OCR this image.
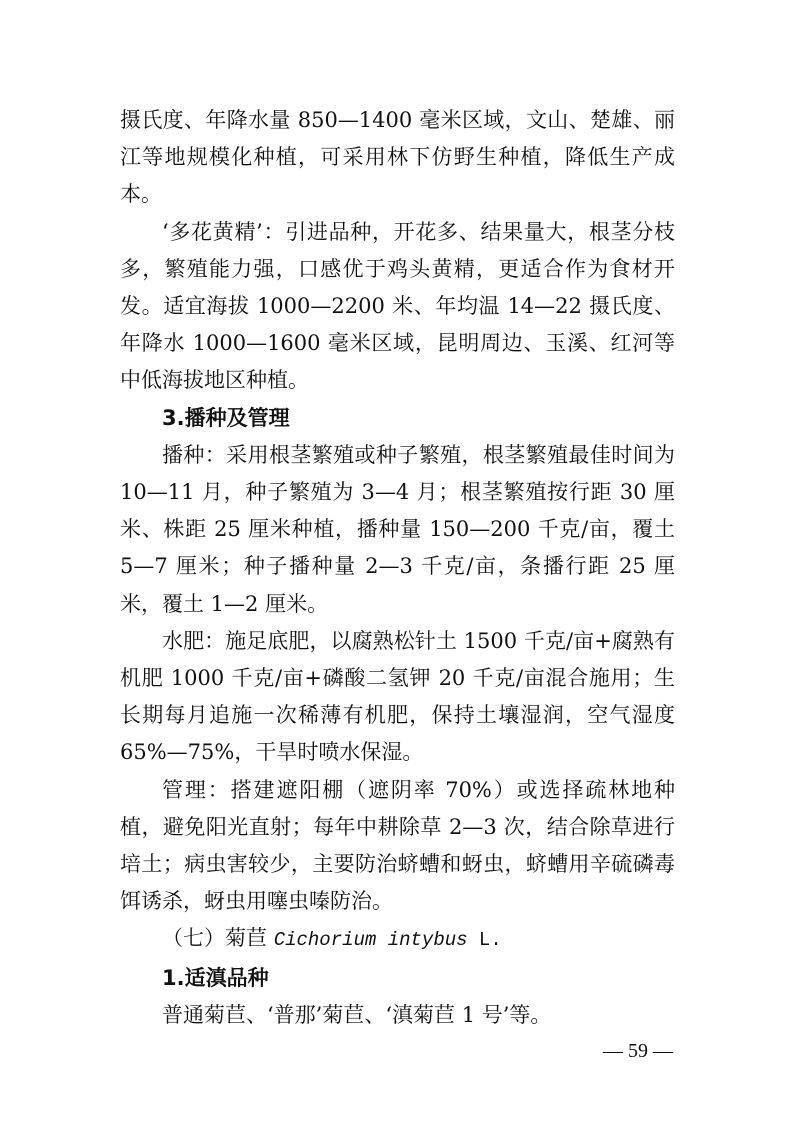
摄氏度、年降水量 850—1400 毫米区域，文山、楚雄、丽江等地规模化种植，可采用林下仿野生种植，降低生产成本。

‘多花黄精’：引进品种，开花多、结果量大，根茎分枝多，繁殖能力强，口感优于鸡头黄精，更适合作为食材开发。适宜海拔 1000—2200 米、年均温 14—22 摄氏度、年降水 1000—1600 毫米区域，昆明周边、玉溪、红河等中低海拔地区种植。

3.播种及管理

播种：采用根茎繁殖或种子繁殖，根茎繁殖最佳时间为10—11 月，种子繁殖为 3—4 月；根茎繁殖按行距 30 厘米、株距 25 厘米种植，播种量 150—200 千克/亩，覆土 5—7 厘米；种子播种量 2—3 千克/亩，条播行距 25 厘米，覆土 1—2 厘米。

水肥：施足底肥，以腐熟松针土 1500 千克/亩+腐熟有机肥 1000 千克/亩+磷酸二氢钾 20 千克/亩混合施用；生长期每月追施一次稀薄有机肥，保持土壤湿润，空气湿度 65%—75%，干旱时喷水保湿。

管理：搭建遮阳棚（遮阴率 70%）或选择疏林地种植，避免阳光直射；每年中耕除草 2—3 次，结合除草进行培土；病虫害较少，主要防治蛴螬和蚜虫，蛴螬用辛硫磷毒饵诱杀，蚜虫用噻虫嗪防治。

（七）菊苣 Cichorium intybus L.

1.适滇品种

普通菊苣、‘普那’菊苣、‘滇菊苣 1 号’等。

— 59 —
